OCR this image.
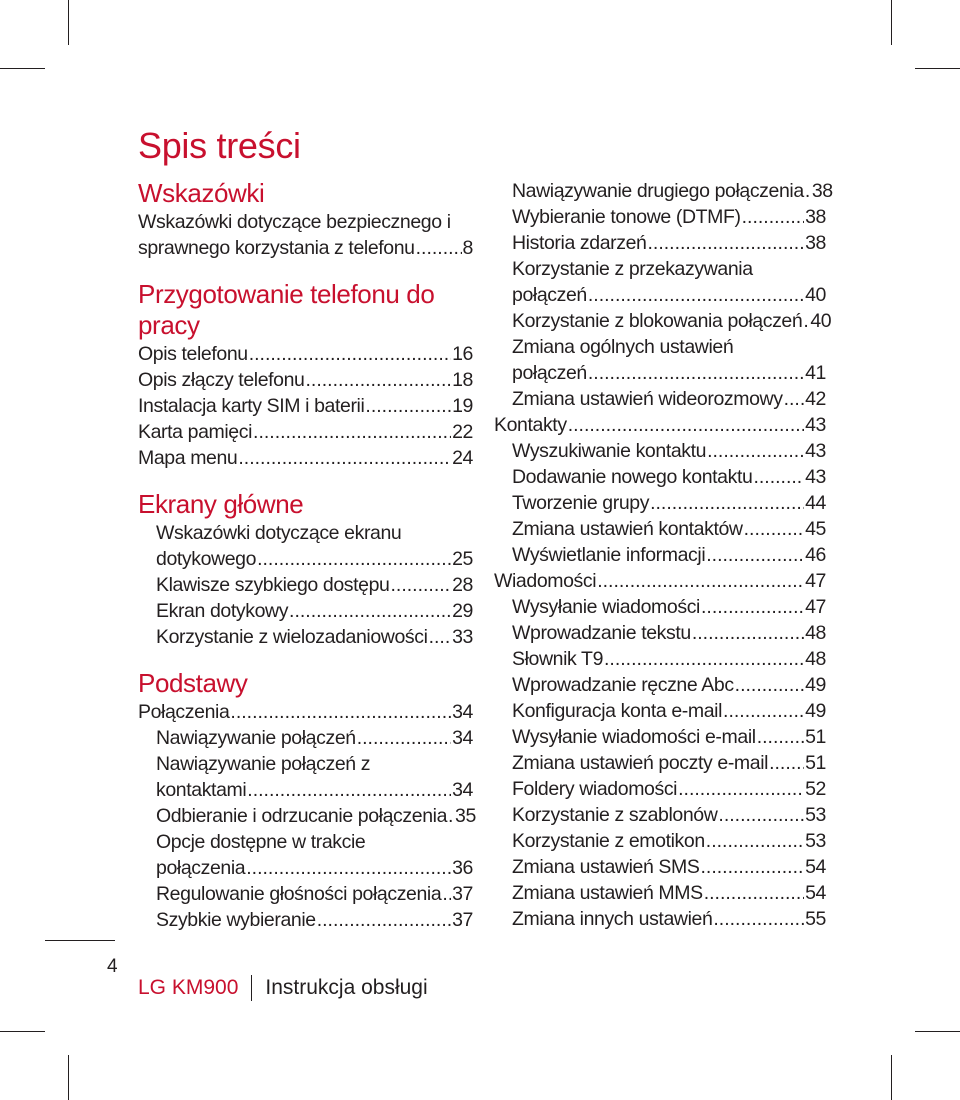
Spis treści
Wskazówki
Wskazówki dotyczące bezpiecznego i
sprawnego korzystania z telefonu ..... 8
Przygotowanie telefonu do pracy
Opis telefonu .....	16
Opis złączy telefonu .....	18
Instalacja karty SIM i baterii .....	19
Karta pamięci .....	22
Mapa menu .....	24
Ekrany główne
Wskazówki dotyczące ekranu
dotykowego .....	25
Klawisze szybkiego dostępu .....	28
Ekran dotykowy .....	29
Korzystanie z wielozadaniowości ..... 33
Podstawy
Połączenia .....	34
Nawiązywanie połączeń .....	34
Nawiązywanie połączeń z
kontaktami .....	34
Odbieranie i odrzucanie połączenia ..... 35
Opcje dostępne w trakcie
połączenia .....	36
Regulowanie głośności połączenia ..... 37
Szybkie wybieranie .....	37
Nawiązywanie drugiego połączenia ..... 38
Wybieranie tonowe (DTMF) .....	38
Historia zdarzeń .....	38
Korzystanie z przekazywania
połączeń .....	40
Korzystanie z blokowania połączeń ..... 40
Zmiana ogólnych ustawień
połączeń .....	41
Zmiana ustawień wideorozmowy ..... 42
Kontakty .....	43
Wyszukiwanie kontaktu .....	43
Dodawanie nowego kontaktu .....	43
Tworzenie grupy .....	44
Zmiana ustawień kontaktów .....	45
Wyświetlanie informacji .....	46
Wiadomości .....	47
Wysyłanie wiadomości .....	47
Wprowadzanie tekstu .....	48
Słownik T9 .....	48
Wprowadzanie ręczne Abc .....	49
Konfiguracja konta e-mail .....	49
Wysyłanie wiadomości e-mail .....	51
Zmiana ustawień poczty e-mail ..... 51
Foldery wiadomości .....	52
Korzystanie z szablonów .....	53
Korzystanie z emotikon .....	53
Zmiana ustawień SMS .....	54
Zmiana ustawień MMS .....	54
Zmiana innych ustawień .....	55
4
LG KM900 Instrukcja obsługi
